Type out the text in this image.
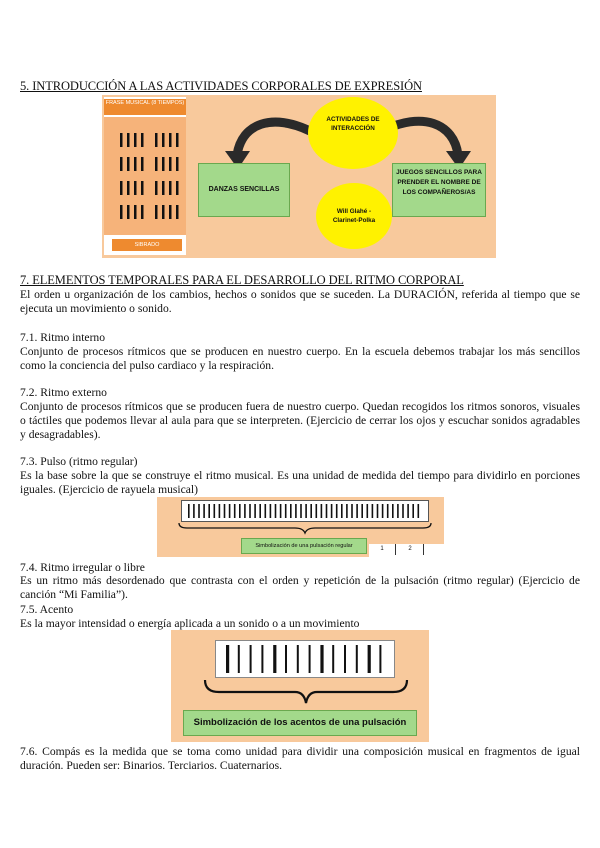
5. INTRODUCCIÓN A LAS ACTIVIDADES CORPORALES DE EXPRESIÓN
FRASE MUSICAL (8 TIEMPOS)
SIBRADO
ACTIVIDADES DE INTERACCIÓN
DANZAS SENCILLAS
JUEGOS SENCILLOS PARA PRENDER EL NOMBRE DE LOS COMPAÑEROS/AS
Will Glahé - Clarinet-Polka
7. ELEMENTOS TEMPORALES PARA EL DESARROLLO DEL RITMO CORPORAL
El orden u organización de los cambios, hechos o sonidos que se suceden. La DURACIÓN, referida al tiempo que se ejecuta un movimiento o sonido.
7.1. Ritmo interno
Conjunto de procesos rítmicos que se producen en nuestro cuerpo. En la escuela debemos trabajar los más sencillos como la conciencia del pulso cardiaco y la respiración.
7.2. Ritmo externo
Conjunto de procesos rítmicos que se producen fuera de nuestro cuerpo. Quedan recogidos los ritmos sonoros, visuales o táctiles que podemos llevar al aula para que se interpreten. (Ejercicio de cerrar los ojos y escuchar sonidos agradables y desagradables).
7.3. Pulso (ritmo regular)
Es la base sobre la que se construye el ritmo musical. Es una unidad de medida del tiempo para dividirlo en porciones iguales. (Ejercicio de rayuela musical)
Simbolización de una pulsación regular	1	2
7.4. Ritmo irregular o libre
Es un ritmo más desordenado que contrasta con el orden y repetición de la pulsación (ritmo regular) (Ejercicio de canción “Mi Familia”).
7.5. Acento
Es la mayor intensidad o energía aplicada a un sonido o a un movimiento
Simbolización de los acentos de una pulsación
7.6. Compás es la medida que se toma como unidad para dividir una composición musical en fragmentos de igual duración. Pueden ser: Binarios. Terciarios. Cuaternarios.
